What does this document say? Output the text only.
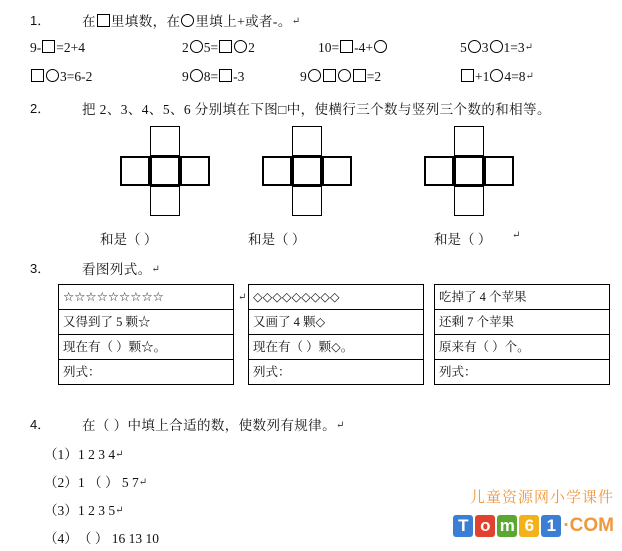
1． 在 里填数，在 里填上+或者-。↵
9- =2+4	2 5= 2	10= -4+	5 3 1=3↵
3=6-2	9 8= -3	9	=2	+1 4=8↵
2． 把 2、3、4、5、6 分别填在下图□中，使横行三个数与竖列三个数的和相等。
和是（ ）	和是（ ）	和是（ ） ↵
3． 看图列式。↵
☆☆☆☆☆☆☆☆☆
又得到了 5 颗☆
现在有（ ）颗☆。
列式：
↵ ◇◇◇◇◇◇◇◇◇
又画了 4 颗◇
现在有（ ）颗◇。
列式：
吃掉了 4 个苹果
还剩 7 个苹果
原来有（ ）个。
列式：
4． 在（ ）中填上合适的数，使数列有规律。↵
（1）1 2 3 4↵
（2）1 （ ） 5 7↵
（3）1 2 3 5↵
（4）（ ） 16 13 10
儿童资源网小学课件
T o m 6 1 · C O M
